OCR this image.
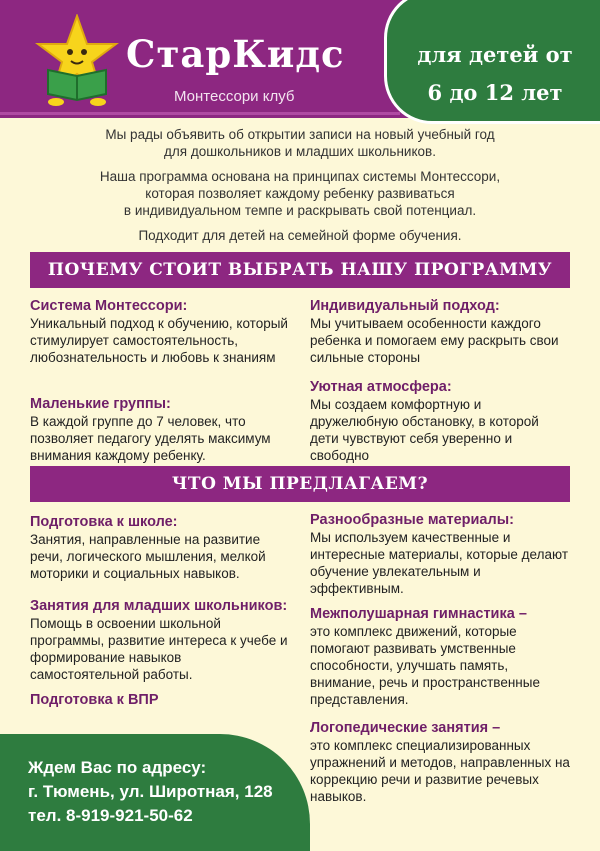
СтарКидс
Монтессори клуб
для детей от
6 до 12 лет

Мы рады объявить об открытии записи на новый учебный год
для дошкольников и младших школьников.

Наша программа основана на принципах системы Монтессори,
которая позволяет каждому ребенку развиваться
в индивидуальном темпе и раскрывать свой потенциал.

Подходит для детей на семейной форме обучения.

ПОЧЕМУ СТОИТ ВЫБРАТЬ НАШУ ПРОГРАММУ
Система Монтессори:
Уникальный подход к обучению, который стимулирует самостоятельность, любознательность и любовь к знаниям
Маленькие группы:
В каждой группе до 7 человек, что позволяет педагогу уделять максимум внимания каждому ребенку.
Индивидуальный подход:
Мы учитываем особенности каждого ребенка и помогаем ему раскрыть свои сильные стороны
Уютная атмосфера:
Мы создаем комфортную и дружелюбную обстановку, в которой дети чувствуют себя уверенно и свободно
ЧТО МЫ ПРЕДЛАГАЕМ?
Подготовка к школе:
Занятия, направленные на развитие речи, логического мышления, мелкой моторики и социальных навыков.
Занятия для младших школьников: Помощь в освоении школьной программы, развитие интереса к учебе и формирование навыков самостоятельной работы.
Подготовка к ВПР
Разнообразные материалы:
Мы используем качественные и интересные материалы, которые делают обучение увлекательным и эффективным.
Межполушарная гимнастика –
это комплекс движений, которые помогают развивать умственные способности, улучшать память, внимание, речь и пространственные представления.
Логопедические занятия –
это комплекс специализированных упражнений и методов, направленных на коррекцию речи и развитие речевых навыков.
Ждем Вас по адресу:
г. Тюмень, ул. Широтная, 128
тел. 8-919-921-50-62
